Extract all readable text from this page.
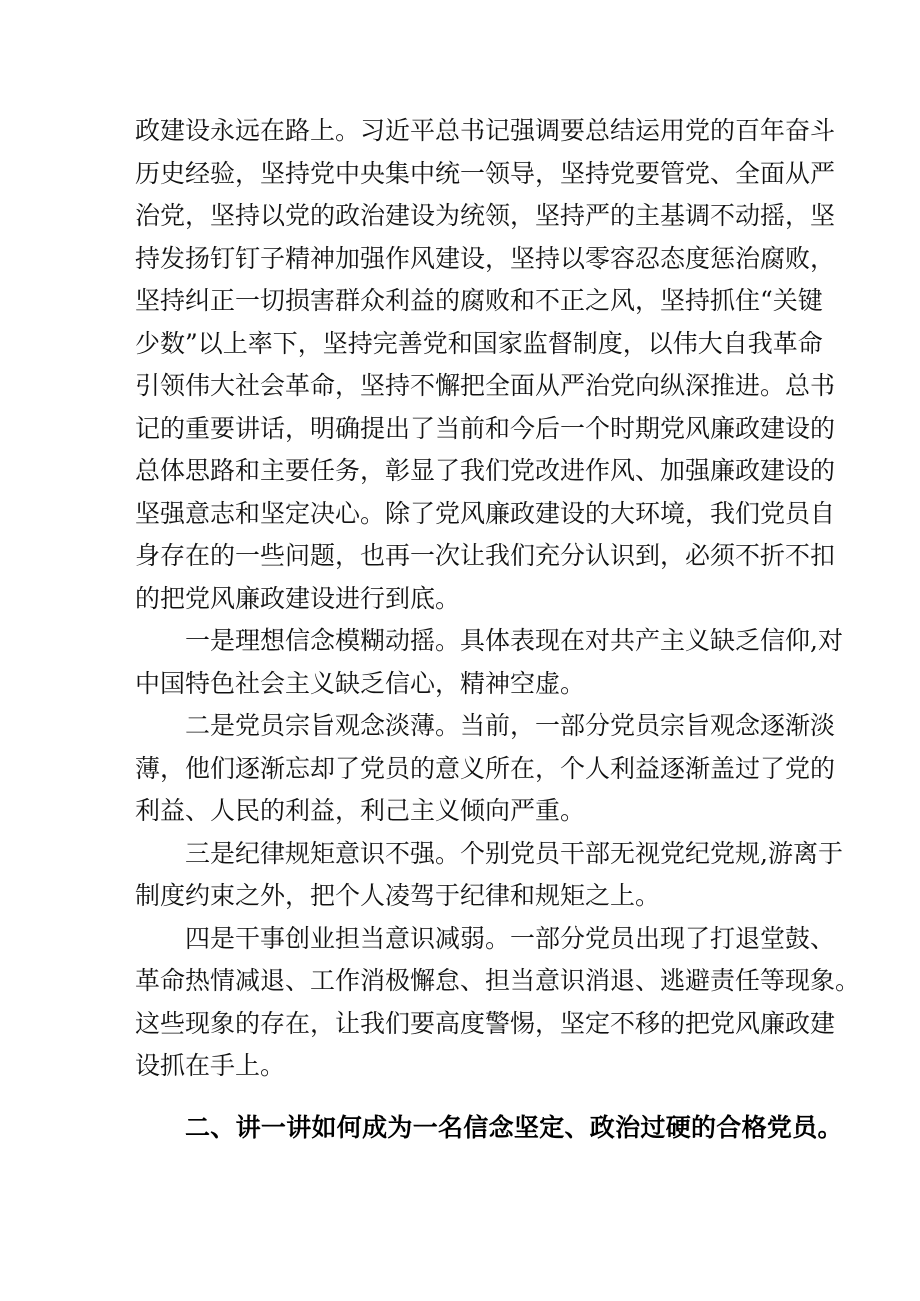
政建设永远在路上。习近平总书记强调要总结运用党的百年奋斗
历史经验，坚持党中央集中统一领导，坚持党要管党、全面从严
治党，坚持以党的政治建设为统领，坚持严的主基调不动摇，坚
持发扬钉钉子精神加强作风建设，坚持以零容忍态度惩治腐败，
坚持纠正一切损害群众利益的腐败和不正之风，坚持抓住“关键
少数”以上率下，坚持完善党和国家监督制度，以伟大自我革命
引领伟大社会革命，坚持不懈把全面从严治党向纵深推进。总书
记的重要讲话，明确提出了当前和今后一个时期党风廉政建设的
总体思路和主要任务，彰显了我们党改进作风、加强廉政建设的
坚强意志和坚定决心。除了党风廉政建设的大环境，我们党员自
身存在的一些问题，也再一次让我们充分认识到，必须不折不扣
的把党风廉政建设进行到底。
一是理想信念模糊动摇。具体表现在对共产主义缺乏信仰,对
中国特色社会主义缺乏信心，精神空虚。
二是党员宗旨观念淡薄。当前，一部分党员宗旨观念逐渐淡
薄，他们逐渐忘却了党员的意义所在，个人利益逐渐盖过了党的
利益、人民的利益，利己主义倾向严重。
三是纪律规矩意识不强。个别党员干部无视党纪党规,游离于
制度约束之外，把个人凌驾于纪律和规矩之上。
四是干事创业担当意识减弱。一部分党员出现了打退堂鼓、
革命热情减退、工作消极懈怠、担当意识消退、逃避责任等现象。
这些现象的存在，让我们要高度警惕，坚定不移的把党风廉政建
设抓在手上。
二、讲一讲如何成为一名信念坚定、政治过硬的合格党员。
